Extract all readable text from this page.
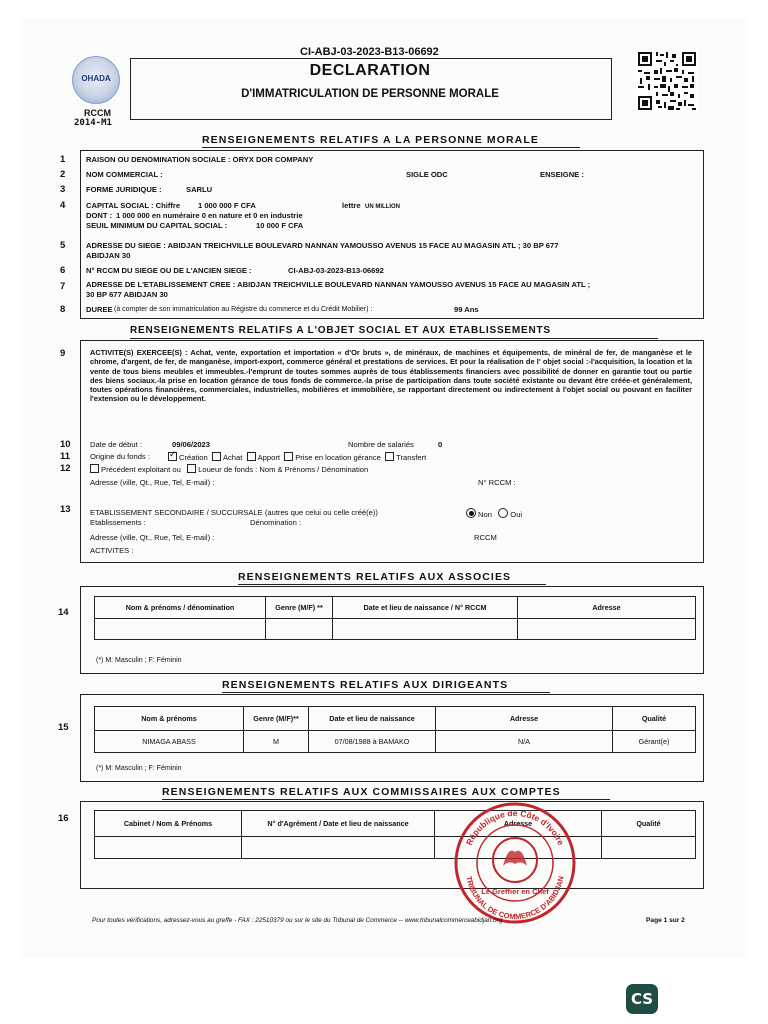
OHADA
RCCM
2014-M1
CI-ABJ-03-2023-B13-06692
DECLARATION
D'IMMATRICULATION DE PERSONNE MORALE
RENSEIGNEMENTS RELATIFS A LA PERSONNE MORALE
1	RAISON OU DENOMINATION SOCIALE : ORYX DOR COMPANY
2	NOM COMMERCIAL :	SIGLE ODC	ENSEIGNE :
3	FORME JURIDIQUE :	SARLU
4	CAPITAL SOCIAL : Chiffre 1 000 000 F CFA	lettre UN MILLION
DONT : 1 000 000 en numéraire 0 en nature et 0 en industrie
SEUIL MINIMUM DU CAPITAL SOCIAL :	10 000 F CFA
5	ADRESSE DU SIEGE : ABIDJAN TREICHVILLE BOULEVARD NANNAN YAMOUSSO AVENUS 15 FACE AU MAGASIN ATL ; 30 BP 677
ABIDJAN 30
6	N° RCCM DU SIEGE OU DE L'ANCIEN SIEGE :	CI-ABJ-03-2023-B13-06692
7	ADRESSE DE L'ETABLISSEMENT CREE : ABIDJAN TREICHVILLE BOULEVARD NANNAN YAMOUSSO AVENUS 15 FACE AU MAGASIN ATL ;
30 BP 677 ABIDJAN 30
8	DUREE (à compter de son immatriculation au Régistre du commerce et du Crédit Mobilier) :	99 Ans
RENSEIGNEMENTS RELATIFS A L'OBJET SOCIAL ET AUX ETABLISSEMENTS
9	ACTIVITE(S) EXERCEE(S) : Achat, vente, exportation et importation « d'Or bruts », de minéraux, de machines et équipements, de minéral de fer, de manganèse et le chrome, d'argent, de fer, de manganèse, import-export, commerce général et prestations de services. Et pour la réalisation de l' objet social :-l'acquisition, la location et la vente de tous biens meubles et immeubles.-l'emprunt de toutes sommes auprès de tous établissements financiers avec possibilité de donner en garantie tout ou partie des biens sociaux.-la prise en location gérance de tous fonds de commerce.-la prise de participation dans toute société existante ou devant être créée-et généralement, toutes opérations financières, commerciales, industrielles, mobilières et immobilière, se rapportant directement ou indirectement à l'objet social ou pouvant en faciliter l'extension ou le développement.
10	Date de début :	09/06/2023	Nombre de salariés	0
11	Origine du fonds : ✓	Création Achat Apport Prise en location gérance Transfert
12	Précédent exploitant ou Loueur de fonds : Nom & Prénoms / Dénomination
Adresse (ville, Qt., Rue, Tel, E-mail) :	N° RCCM :
13	ETABLISSEMENT SECONDAIRE / SUCCURSALE (autres que celui ou celle créé(e))	Non Oui
Etablissements :	Dénomination :
Adresse (ville, Qt., Rue, Tel, E-mail) :	RCCM
ACTIVITES :
RENSEIGNEMENTS RELATIFS AUX ASSOCIES
14	Nom & prénoms / dénomination	Genre (M/F) **	Date et lieu de naissance / N° RCCM	Adresse

(*) M: Masculin ; F: Féminin
RENSEIGNEMENTS RELATIFS AUX DIRIGEANTS
15
Nom & prénoms	Genre (M/F)**	Date et lieu de naissance	Adresse	Qualité
NIMAGA ABASS	M	07/08/1988 à BAMAKO	N/A	Gérant(e)
(*) M: Masculin ; F: Féminin
RENSEIGNEMENTS RELATIFS AUX COMMISSAIRES AUX COMPTES
16	Cabinet / Nom & Prénoms	N° d'Agrément / Date et lieu de naissance	Adresse	Qualité

République de Côte d'Ivoire
TRIBUNAL DE COMMERCE D'ABIDJAN
Le Greffier en Chef
Pour toutes vérifications, adressez-vous au greffe - FAX : 22510379 ou sur le site du Tribunal de Commerce -- www.tribunalcommerceabidjan.org	Page 1 sur 2
CS
